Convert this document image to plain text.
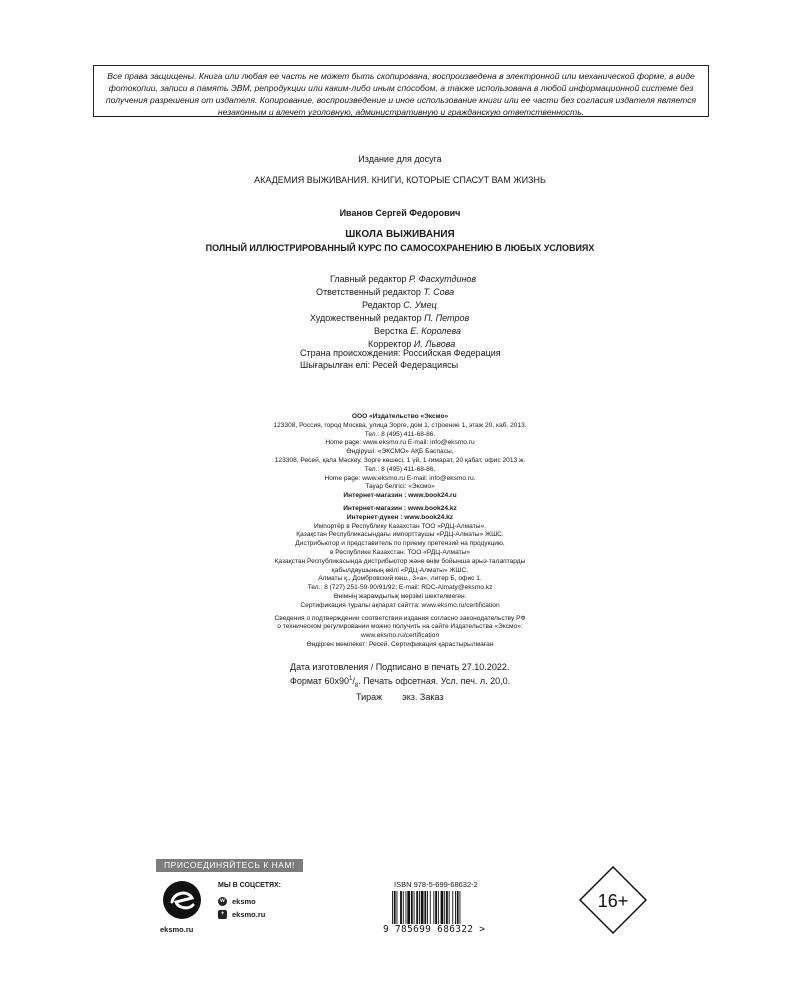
Все права защищены. Книга или любая ее часть не может быть скопирована, воспроизведена в электронной или механической форме, в виде фотокопии, записи в память ЭВМ, репродукции или каким-либо иным способом, а также использована в любой информационной системе без получения разрешения от издателя. Копирование, воспроизведение и иное использование книги или ее части без согласия издателя является незаконным и влечет уголовную, административную и гражданскую ответственность.
Издание для досуга
АКАДЕМИЯ ВЫЖИВАНИЯ. КНИГИ, КОТОРЫЕ СПАСУТ ВАМ ЖИЗНЬ
Иванов Сергей Федорович
ШКОЛА ВЫЖИВАНИЯ
ПОЛНЫЙ ИЛЛЮСТРИРОВАННЫЙ КУРС ПО САМОСОХРАНЕНИЮ В ЛЮБЫХ УСЛОВИЯХ
Главный редактор Р. Фасхутдинов
Ответственный редактор Т. Сова
Редактор С. Умец
Художественный редактор П. Петров
Верстка Е. Королева
Корректор И. Львова
Страна происхождения: Российская Федерация
Шығарылған елі: Ресей Федерациясы
ООО «Издательство «Эксмо»
123308, Россия, город Москва, улица Зорге, дом 1, строение 1, этаж 20, каб. 2013.
Тел.: 8 (495) 411-68-86.
Home page: www.eksmo.ru E-mail: info@eksmo.ru
Өндіруші: «ЭКСМО» АҚБ Баспасы,
123308, Ресей, қала Мәскеу, Зорге көшесі, 1 үй, 1 ғимарат, 20 қабат, офис 2013 ж.
Тел.: 8 (495) 411-68-86.
Home page: www.eksmo.ru E-mail: info@eksmo.ru.
Тауар белгісі: «Эксмо»
Интернет-магазин : www.book24.ru
Интернет-магазин : www.book24.kz
Интернет-дүкен : www.book24.kz
Импортёр в Республику Казахстан ТОО «РДЦ-Алматы».
Қазақстан Республикасындағы импорттаушы «РДЦ-Алматы» ЖШС.
Дистрибьютор и представитель по приему претензий на продукцию,
в Республике Казахстан: ТОО «РДЦ-Алматы»
Қазақстан Республикасында дистрибьютор және өнім бойынша арыз-талаптарды
қабылдаушының өкілі «РДЦ-Алматы» ЖШС,
Алматы қ., Домбровский көш., 3«а», литер Б, офис 1.
Тел.: 8 (727) 251-59-90/91/92; E-mail: RDC-Almaty@eksmo.kz
Өнімнің жарамдылық мерзімі шектелмеген.
Сертификация туралы ақпарат сайтта: www.eksmo.ru/certification
Сведения о подтверждении соответствия издания согласно законодательству РФ
о техническом регулировании можно получить на сайте Издательства «Эксмо»:
www.eksmo.ru/certification
Өндірген мемлекет: Ресей. Сертификация қарастырылмаған
Дата изготовления / Подписано в печать 27.10.2022.
Формат $60x90^1/_8$. Печать офсетная. Усл. печ. л. 20,0.
Тираж        экз. Заказ
ПРИСОЕДИНЯЙТЕСЬ К НАМ!
eksmo.ru
МЫ В СОЦСЕТЯХ:
w eksmo
+	eksmo.ru
ISBN 978-5-699-68632-2
9 785699 686322 >
16+
